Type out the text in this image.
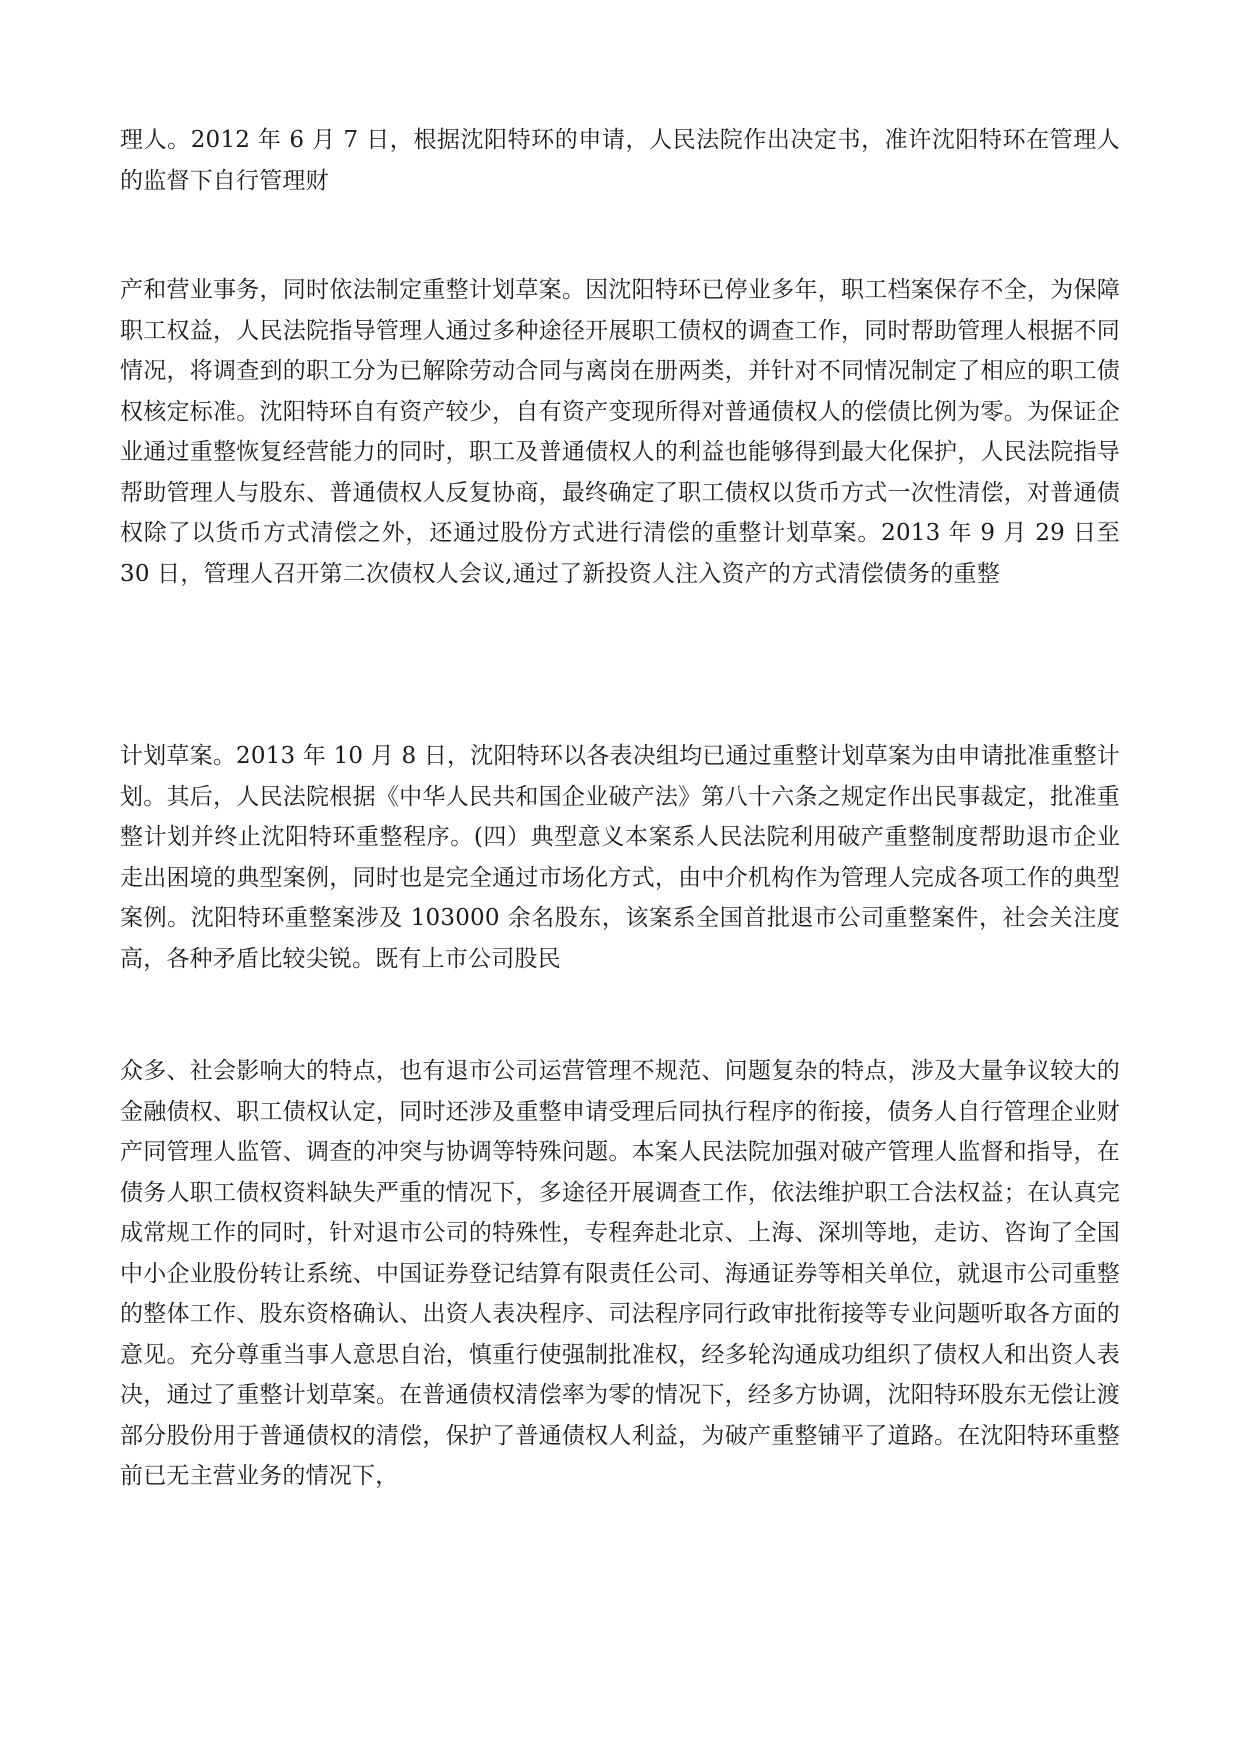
理人。2012 年 6 月 7 日，根据沈阳特环的申请，人民法院作出决定书，准许沈阳特环在管理人的监督下自行管理财

产和营业事务，同时依法制定重整计划草案。因沈阳特环已停业多年，职工档案保存不全，为保障职工权益，人民法院指导管理人通过多种途径开展职工债权的调查工作，同时帮助管理人根据不同情况，将调查到的职工分为已解除劳动合同与离岗在册两类，并针对不同情况制定了相应的职工债权核定标准。沈阳特环自有资产较少，自有资产变现所得对普通债权人的偿债比例为零。为保证企业通过重整恢复经营能力的同时，职工及普通债权人的利益也能够得到最大化保护，人民法院指导帮助管理人与股东、普通债权人反复协商，最终确定了职工债权以货币方式一次性清偿，对普通债权除了以货币方式清偿之外，还通过股份方式进行清偿的重整计划草案。2013 年 9 月 29 日至 30 日，管理人召开第二次债权人会议,通过了新投资人注入资产的方式清偿债务的重整

计划草案。2013 年 10 月 8 日，沈阳特环以各表决组均已通过重整计划草案为由申请批准重整计划。其后，人民法院根据《中华人民共和国企业破产法》第八十六条之规定作出民事裁定，批准重整计划并终止沈阳特环重整程序。(四）典型意义本案系人民法院利用破产重整制度帮助退市企业走出困境的典型案例，同时也是完全通过市场化方式，由中介机构作为管理人完成各项工作的典型案例。沈阳特环重整案涉及 103000 余名股东，该案系全国首批退市公司重整案件，社会关注度高，各种矛盾比较尖锐。既有上市公司股民

众多、社会影响大的特点，也有退市公司运营管理不规范、问题复杂的特点，涉及大量争议较大的金融债权、职工债权认定，同时还涉及重整申请受理后同执行程序的衔接，债务人自行管理企业财产同管理人监管、调查的冲突与协调等特殊问题。本案人民法院加强对破产管理人监督和指导，在债务人职工债权资料缺失严重的情况下，多途径开展调查工作，依法维护职工合法权益；在认真完成常规工作的同时，针对退市公司的特殊性，专程奔赴北京、上海、深圳等地，走访、咨询了全国中小企业股份转让系统、中国证券登记结算有限责任公司、海通证券等相关单位，就退市公司重整的整体工作、股东资格确认、出资人表决程序、司法程序同行政审批衔接等专业问题听取各方面的意见。充分尊重当事人意思自治，慎重行使强制批准权，经多轮沟通成功组织了债权人和出资人表决，通过了重整计划草案。在普通债权清偿率为零的情况下，经多方协调，沈阳特环股东无偿让渡部分股份用于普通债权的清偿，保护了普通债权人利益，为破产重整铺平了道路。在沈阳特环重整前已无主营业务的情况下，
